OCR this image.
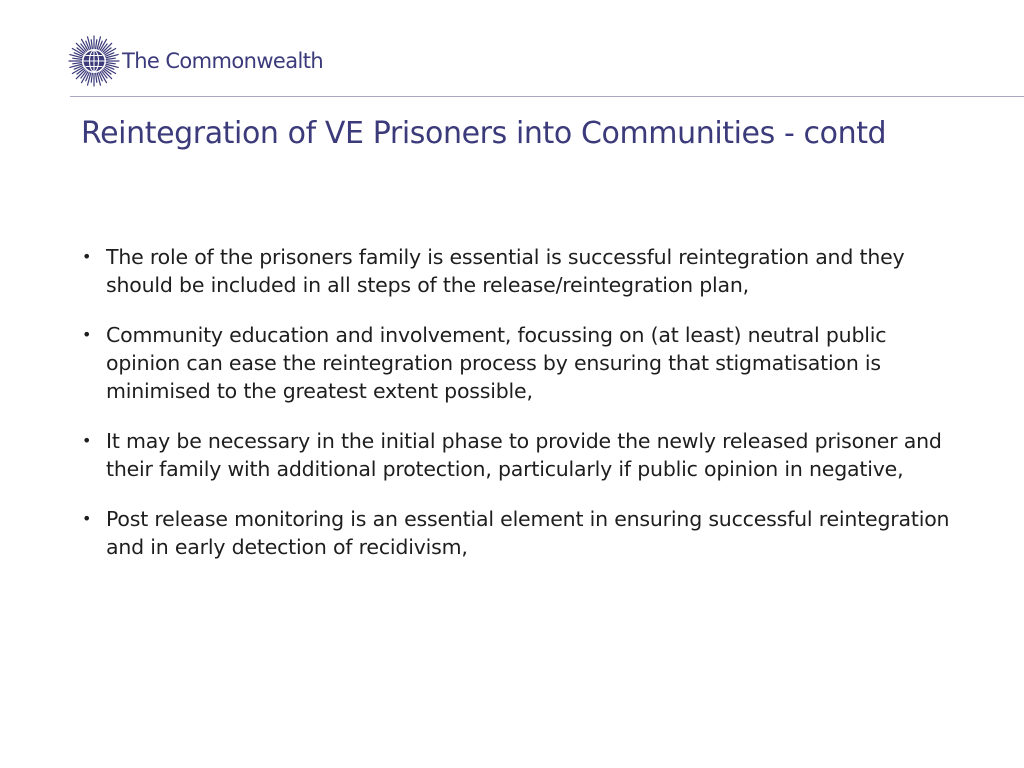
The Commonwealth
Reintegration of VE Prisoners into Communities - contd
• The role of the prisoners family is essential is successful reintegration and they should be included in all steps of the release/reintegration plan,
• Community education and involvement, focussing on (at least) neutral public opinion can ease the reintegration process by ensuring that stigmatisation is minimised to the greatest extent possible,
• It may be necessary in the initial phase to provide the newly released prisoner and their family with additional protection, particularly if public opinion in negative,
• Post release monitoring is an essential element in ensuring successful reintegration and in early detection of recidivism,
